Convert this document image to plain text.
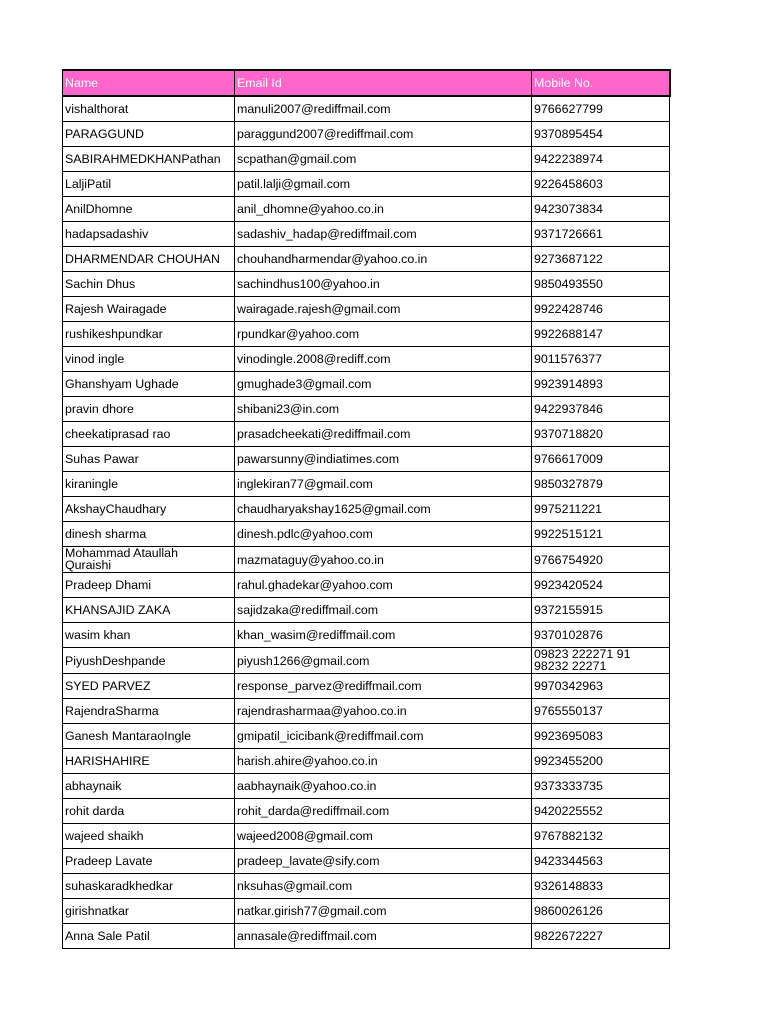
Name	Email Id	Mobile No.
vishalthorat	manuli2007@rediffmail.com	9766627799
PARAGGUND	paraggund2007@rediffmail.com	9370895454
SABIRAHMEDKHANPathan	scpathan@gmail.com	9422238974
LaljiPatil	patil.lalji@gmail.com	9226458603
AnilDhomne	anil_dhomne@yahoo.co.in	9423073834
hadapsadashiv	sadashiv_hadap@rediffmail.com	9371726661
DHARMENDAR CHOUHAN	chouhandharmendar@yahoo.co.in	9273687122
Sachin Dhus	sachindhus100@yahoo.in	9850493550
Rajesh Wairagade	wairagade.rajesh@gmail.com	9922428746
rushikeshpundkar	rpundkar@yahoo.com	9922688147
vinod ingle	vinodingle.2008@rediff.com	9011576377
Ghanshyam Ughade	gmughade3@gmail.com	9923914893
pravin dhore	shibani23@in.com	9422937846
cheekatiprasad rao	prasadcheekati@rediffmail.com	9370718820
Suhas Pawar	pawarsunny@indiatimes.com	9766617009
kiraningle	inglekiran77@gmail.com	9850327879
AkshayChaudhary	chaudharyakshay1625@gmail.com	9975211221
dinesh sharma	dinesh.pdlc@yahoo.com	9922515121

Mohammad Ataullah
Quraishi	mazmataguy@yahoo.co.in	9766754920
Pradeep Dhami	rahul.ghadekar@yahoo.com	9923420524
KHANSAJID ZAKA	sajidzaka@rediffmail.com	9372155915
wasim khan	khan_wasim@rediffmail.com	9370102876
PiyushDeshpande	piyush1266@gmail.com	09823 222271 91
98232 22271

SYED PARVEZ	response_parvez@rediffmail.com	9970342963
RajendraSharma	rajendrasharmaa@yahoo.co.in	9765550137
Ganesh MantaraoIngle	gmipatil_icicibank@rediffmail.com	9923695083
HARISHAHIRE	harish.ahire@yahoo.co.in	9923455200
abhaynaik	aabhaynaik@yahoo.co.in	9373333735
rohit darda	rohit_darda@rediffmail.com	9420225552
wajeed shaikh	wajeed2008@gmail.com	9767882132
Pradeep Lavate	pradeep_lavate@sify.com	9423344563
suhaskaradkhedkar	nksuhas@gmail.com	9326148833
girishnatkar	natkar.girish77@gmail.com	9860026126
Anna Sale Patil	annasale@rediffmail.com	9822672227
